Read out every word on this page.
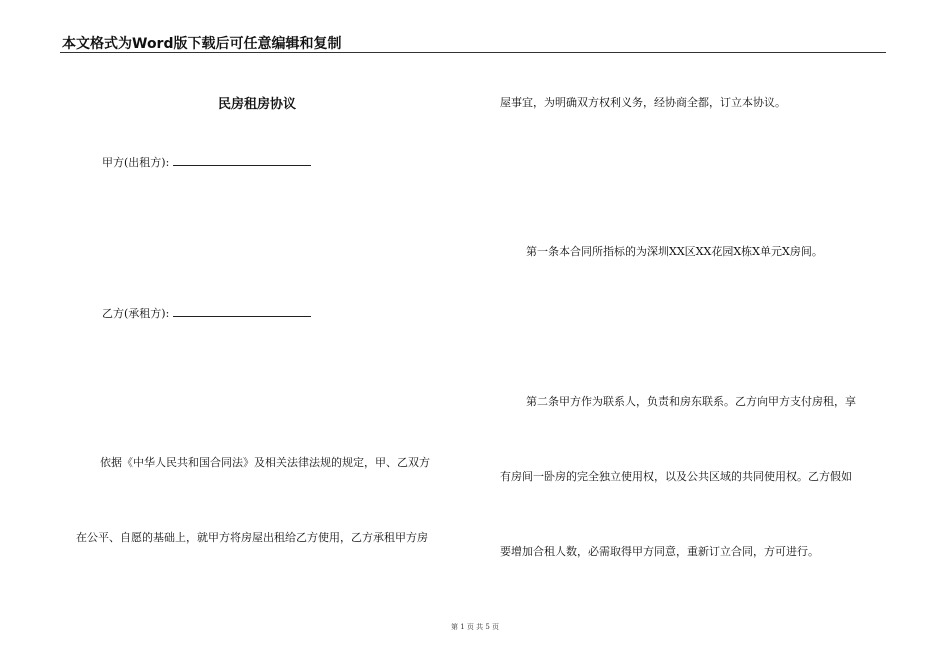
本文格式为Word版下载后可任意编辑和复制
民房租房协议
甲方(出租方):
乙方(承租方):
依据《中华人民共和国合同法》及相关法律法规的规定，甲、乙双方
在公平、自愿的基础上，就甲方将房屋出租给乙方使用，乙方承租甲方房
屋事宜，为明确双方权利义务，经协商全都，订立本协议。
第一条本合同所指标的为深圳XX区XX花园X栋X单元X房间。
第二条甲方作为联系人，负责和房东联系。乙方向甲方支付房租，享
有房间一卧房的完全独立使用权，以及公共区域的共同使用权。乙方假如
要增加合租人数，必需取得甲方同意，重新订立合同，方可进行。
第 1 页 共 5 页
